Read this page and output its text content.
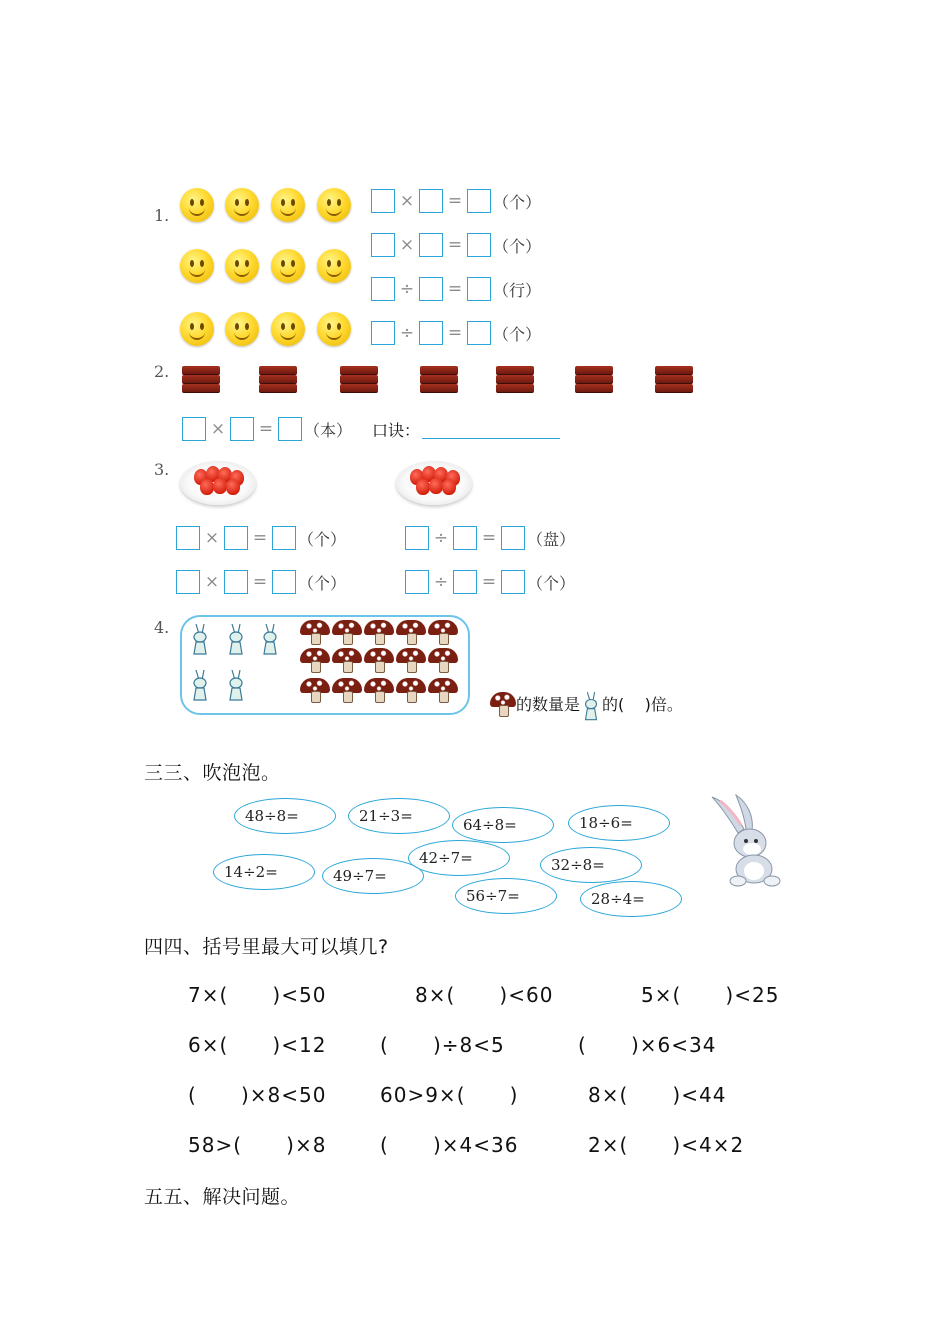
1.
× =	（个）
× =	（个）
÷ =	（行）
÷ =	（个）
2.
× =	（本） 口诀：
3.
× =	（个）
× =	（个）
÷ =	（盘）
÷ =	（个）
4.
的数量是 的( )倍。
三三、吹泡泡。
48÷8=	21÷3=	64÷8=	18÷6=
14÷2=	49÷7=
42÷7=	32÷8=
56÷7=	28÷4=
四四、括号里最大可以填几?
7×(      )<50	8×(      )<60	5×(      )<25
6×(      )<12	(      )÷8<5	(      )×6<34
(      )×8<50	60>9×(      )	8×(      )<44
58>(      )×8	(      )×4<36	2×(      )<4×2
五五、解决问题。
